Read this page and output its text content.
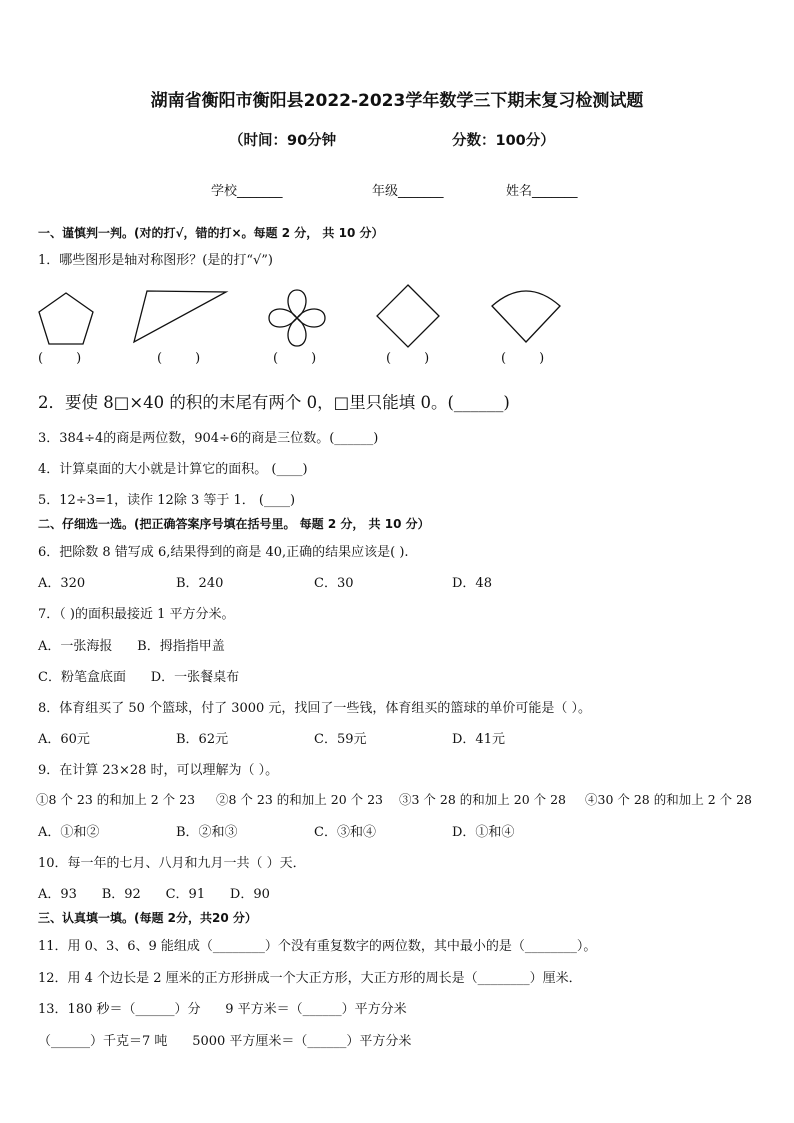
湖南省衡阳市衡阳县2022-2023学年数学三下期末复习检测试题
（时间：90分钟	分数：100分）
学校_______	年级_______	姓名_______
一、谨慎判一判。(对的打√，错的打×。每题 2 分， 共 10 分）
1．哪些图形是轴对称图形？(是的打“√”)
(        )	(        )	(        )	(        )	(        )
2．要使 8□×40 的积的末尾有两个 0，□里只能填 0。(______)
3．384÷4的商是两位数，904÷6的商是三位数。(______)
4．计算桌面的大小就是计算它的面积。 (____)
5．12÷3=1，读作 12除 3 等于 1． (____)
二、仔细选一选。(把正确答案序号填在括号里。 每题 2 分， 共 10 分）
6．把除数 8 错写成 6,结果得到的商是 40,正确的结果应该是( ).
A．320	B．240	C．30	D．48
7．（ )的面积最接近 1 平方分米。
A．一张海报      B．拇指指甲盖
C．粉笔盒底面      D．一张餐桌布
8．体育组买了 50 个篮球，付了 3000 元，找回了一些钱，体育组买的篮球的单价可能是（ ）。
A．60元	B．62元	C．59元	D．41元
9．在计算 23×28 时，可以理解为（ ）。
①8 个 23 的和加上 2 个 23 ②8 个 23 的和加上 20 个 23 ③3 个 28 的和加上 20 个 28 ④30 个 28 的和加上 2 个 28
A．①和②	B．②和③	C．③和④	D．①和④
10．每一年的七月、八月和九月一共（ ）天．
A．93      B．92      C．91      D．90
三、认真填一填。(每题 2分，共20 分）
11．用 0、3、6、9 能组成（________）个没有重复数字的两位数，其中最小的是（________）。
12．用 4 个边长是 2 厘米的正方形拼成一个大正方形，大正方形的周长是（________）厘米．
13．180 秒＝（______）分      9 平方米＝（______）平方分米
（______）千克＝7 吨      5000 平方厘米＝（______）平方分米
